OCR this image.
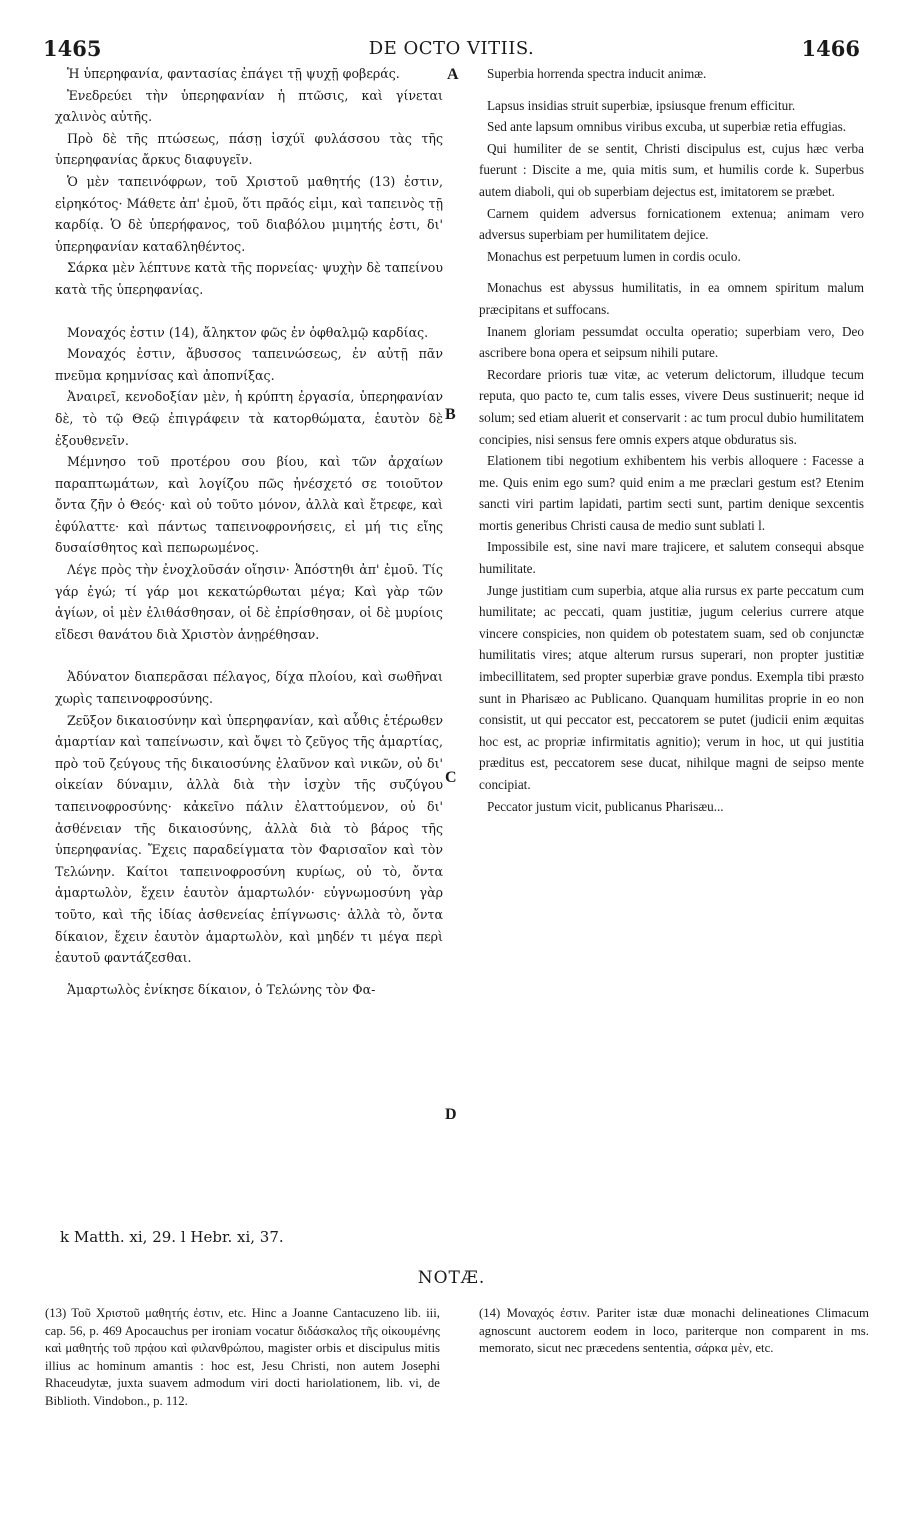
1465	DE OCTO VITIIS.	1466
A
B
C
D

Ἡ ὑπερηφανία, φαντασίας ἐπάγει τῇ ψυχῇ φοβεράς.

Ἐνεδρεύει τὴν ὑπερηφανίαν ἡ πτῶσις, καὶ γίνεται χαλινὸς αὐτῆς.

Πρὸ δὲ τῆς πτώσεως, πάσῃ ἰσχύϊ φυλάσσου τὰς τῆς ὑπερηφανίας ἄρκυς διαφυγεῖν.

Ὁ μὲν ταπεινόφρων, τοῦ Χριστοῦ μαθητής (13) ἐστιν, εἰρηκότος· Μάθετε ἀπ' ἐμοῦ, ὅτι πρᾶός εἰμι, καὶ ταπεινὸς τῇ καρδίᾳ. Ὁ δὲ ὑπερήφανος, τοῦ διαβόλου μιμητής ἐστι, δι' ὑπερηφανίαν κατα6ληθέντος.

Σάρκα μὲν λέπτυνε κατὰ τῆς πορνείας· ψυχὴν δὲ ταπείνου κατὰ τῆς ὑπερηφανίας.

Μοναχός ἐστιν (14), ἄληκτον φῶς ἐν ὀφθαλμῷ καρδίας.

Μοναχός ἐστιν, ἄβυσσος ταπεινώσεως, ἐν αὐτῇ πᾶν πνεῦμα κρημνίσας καὶ ἀποπνίξας.

Ἀναιρεῖ, κενοδοξίαν μὲν, ἡ κρύπτη ἐργασία, ὑπερηφανίαν δὲ, τὸ τῷ Θεῷ ἐπιγράφειν τὰ κατορθώματα, ἑαυτὸν δὲ ἐξουθενεῖν.

Μέμνησο τοῦ προτέρου σου βίου, καὶ τῶν ἀρχαίων παραπτωμάτων, καὶ λογίζου πῶς ἠνέσχετό σε τοιοῦτον ὄντα ζῆν ὁ Θεός· καὶ οὐ τοῦτο μόνον, ἀλλὰ καὶ ἔτρεφε, καὶ ἐφύλαττε· καὶ πάντως ταπεινοφρονήσεις, εἰ μή τις εἴης δυσαίσθητος καὶ πεπωρωμένος.

Λέγε πρὸς τὴν ἐνοχλοῦσάν οἴησιν· Ἀπόστηθι ἀπ' ἐμοῦ. Τίς γάρ ἐγώ; τί γάρ μοι κεκατώρθωται μέγα; Καὶ γὰρ τῶν ἁγίων, οἱ μὲν ἐλιθάσθησαν, οἱ δὲ ἐπρίσθησαν, οἱ δὲ μυρίοις εἴδεσι θανάτου διὰ Χριστὸν ἀνῃρέθησαν.

Ἀδύνατον διαπερᾶσαι πέλαγος, δίχα πλοίου, καὶ σωθῆναι χωρὶς ταπεινοφροσύνης.

Ζεῦξον δικαιοσύνην καὶ ὑπερηφανίαν, καὶ αὖθις ἑτέρωθεν ἁμαρτίαν καὶ ταπείνωσιν, καὶ ὄψει τὸ ζεῦγος τῆς ἁμαρτίας, πρὸ τοῦ ζεύγους τῆς δικαιοσύνης ἐλαῦνον καὶ νικῶν, οὐ δι' οἰκείαν δύναμιν, ἀλλὰ διὰ τὴν ἰσχὺν τῆς συζύγου ταπεινοφροσύνης· κἀκεῖνο πάλιν ἐλαττούμενον, οὐ δι' ἀσθένειαν τῆς δικαιοσύνης, ἀλλὰ διὰ τὸ βάρος τῆς ὑπερηφανίας. Ἔχεις παραδείγματα τὸν Φαρισαῖον καὶ τὸν Τελώνην. Καίτοι ταπεινοφροσύνη κυρίως, οὐ τὸ, ὄντα ἁμαρτωλὸν, ἔχειν ἑαυτὸν ἁμαρτωλόν· εὐγνωμοσύνη γὰρ τοῦτο, καὶ τῆς ἰδίας ἀσθενείας ἐπίγνωσις· ἀλλὰ τὸ, ὄντα δίκαιον, ἔχειν ἑαυτὸν ἁμαρτωλὸν, καὶ μηδέν τι μέγα περὶ ἑαυτοῦ φαντάζεσθαι.

Ἁμαρτωλὸς ἐνίκησε δίκαιον, ὁ Τελώνης τὸν Φα-

Superbia horrenda spectra inducit animæ.

Lapsus insidias struit superbiæ, ipsiusque frenum efficitur.

Sed ante lapsum omnibus viribus excuba, ut superbiæ retia effugias.

Qui humiliter de se sentit, Christi discipulus est, cujus hæc verba fuerunt : Discite a me, quia mitis sum, et humilis corde k. Superbus autem diaboli, qui ob superbiam dejectus est, imitatorem se præbet.

Carnem quidem adversus fornicationem extenua; animam vero adversus superbiam per humilitatem dejice.

Monachus est perpetuum lumen in cordis oculo.

Monachus est abyssus humilitatis, in ea omnem spiritum malum præcipitans et suffocans.

Inanem gloriam pessumdat occulta operatio; superbiam vero, Deo ascribere bona opera et seipsum nihili putare.

Recordare prioris tuæ vitæ, ac veterum delictorum, illudque tecum reputa, quo pacto te, cum talis esses, vivere Deus sustinuerit; neque id solum; sed etiam aluerit et conservarit : ac tum procul dubio humilitatem concipies, nisi sensus fere omnis expers atque obduratus sis.

Elationem tibi negotium exhibentem his verbis alloquere : Facesse a me. Quis enim ego sum? quid enim a me præclari gestum est? Etenim sancti viri partim lapidati, partim secti sunt, partim denique sexcentis mortis generibus Christi causa de medio sunt sublati l.

Impossibile est, sine navi mare trajicere, et salutem consequi absque humilitate.

Junge justitiam cum superbia, atque alia rursus ex parte peccatum cum humilitate; ac peccati, quam justitiæ, jugum celerius currere atque vincere conspicies, non quidem ob potestatem suam, sed ob conjunctæ humilitatis vires; atque alterum rursus superari, non propter justitiæ imbecillitatem, sed propter superbiæ grave pondus. Exempla tibi præsto sunt in Pharisæo ac Publicano. Quanquam humilitas proprie in eo non consistit, ut qui peccator est, peccatorem se putet (judicii enim æquitas hoc est, ac propriæ infirmitatis agnitio); verum in hoc, ut qui justitia præditus est, peccatorem sese ducat, nihilque magni de seipso mente concipiat.

Peccator justum vicit, publicanus Pharisæu...

k Matth. xi, 29. l Hebr. xi, 37.
NOTÆ.

(13) Τοῦ Χριστοῦ μαθητής ἐστιν, etc. Hinc a Joanne Cantacuzeno lib. iii, cap. 56, p. 469 Apocauchus per ironiam vocatur διδάσκαλος τῆς οἰκουμένης καὶ μαθητής τοῦ πρᾴου καὶ φιλανθρώπου, magister orbis et discipulus mitis illius ac hominum amantis : hoc est, Jesu Christi, non autem Josephi Rhaceudytæ, juxta suavem admodum viri docti hariolationem, lib. vi, de Biblioth. Vindobon., p. 112.

(14) Μοναχός ἐστιν. Pariter istæ duæ monachi delineationes Climacum agnoscunt auctorem eodem in loco, pariterque non comparent in ms. memorato, sicut nec præcedens sententia, σάρκα μὲν, etc.
